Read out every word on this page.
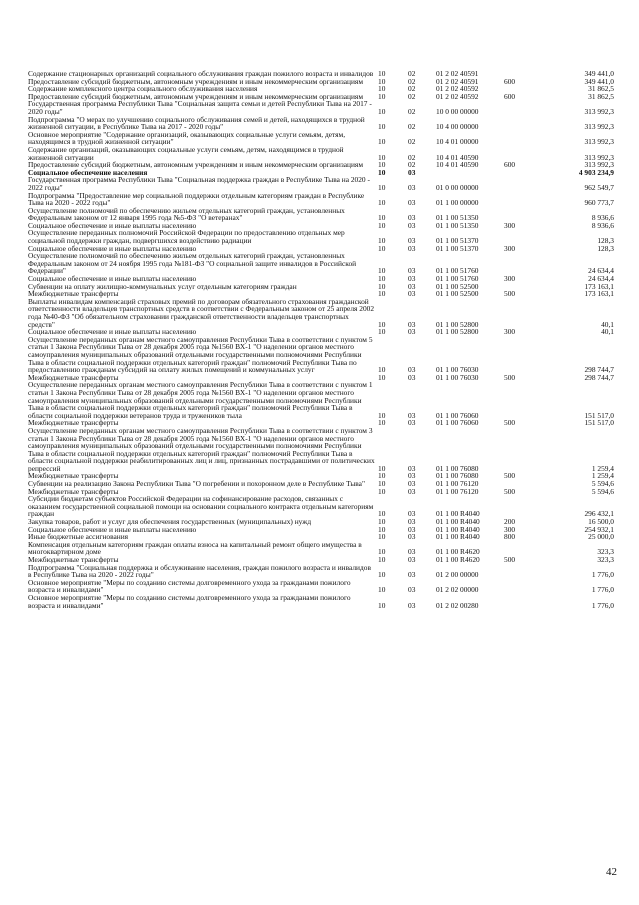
Содержание стационарных организаций социального обслуживания граждан пожилого возраста и инвалидов 10	02	01 2 02 40591	349 441,0
Предоставление субсидий бюджетным, автономным учреждениям и иным некоммерческим организациям	10	02	01 2 02 40591	600	349 441,0
Содержание комплексного центра социального обслуживания населения	10	02	01 2 02 40592	31 862,5
Предоставление субсидий бюджетным, автономным учреждениям и иным некоммерческим организациям	10	02	01 2 02 40592	600	31 862,5
Государственная программа Республики Тыва "Социальная защита семьи и детей Республики Тыва на 2017 - 2020 годы"	10	02	10 0 00 00000	313 992,3
Подпрограмма "О мерах по улучшению социального обслуживания семей и детей, находящихся в трудной жизненной ситуации, в Республике Тыва на 2017 - 2020 годы"	10	02	10 4 00 00000	313 992,3
Основное мероприятие "Содержание организаций, оказывающих социальные услуги семьям, детям, находящимся в трудной жизненной ситуации"	10	02	10 4 01 00000	313 992,3
Содержание организаций, оказывающих социальные услуги семьям, детям, находящимся в трудной жизненной ситуации	10	02	10 4 01 40590	313 992,3
Предоставление субсидий бюджетным, автономным учреждениям и иным некоммерческим организациям	10	02	10 4 01 40590	600	313 992,3
Социальное обеспечение населения	10	03	4 903 234,9
Государственная программа Республики Тыва "Социальная поддержка граждан в Республике Тыва на 2020 - 2022 годы"	10	03	01 0 00 00000	962 549,7
Подпрограмма "Предоставление мер социальной поддержки отдельным категориям граждан в Республике Тыва на 2020 - 2022 годы"	10	03	01 1 00 00000	960 773,7
Осуществление полномочий по обеспечению жильем отдельных категорий граждан, установленных Федеральным законом от 12 января 1995 года №5-ФЗ "О ветеранах"	10	03	01 1 00 51350	8 936,6
Социальное обеспечение и иные выплаты населению	10	03	01 1 00 51350	300	8 936,6
Осуществление переданных полномочий Российской Федерации по предоставлению отдельных мер социальной поддержки граждан, подвергшихся воздействию радиации	10	03	01 1 00 51370	128,3
Социальное обеспечение и иные выплаты населению	10	03	01 1 00 51370	300	128,3
Осуществление полномочий по обеспечению жильем отдельных категорий граждан, установленных Федеральным законом от 24 ноября 1995 года №181-ФЗ "О социальной защите инвалидов в Российской Федерации"	10	03	01 1 00 51760	24 634,4
Социальное обеспечение и иные выплаты населению	10	03	01 1 00 51760	300	24 634,4
Субвенции на оплату жилищно-коммунальных услуг отдельным категориям граждан	10	03	01 1 00 52500	173 163,1
Межбюджетные трансферты	10	03	01 1 00 52500	500	173 163,1
Выплаты инвалидам компенсаций страховых премий по договорам обязательного страхования гражданской ответственности владельцев транспортных средств в соответствии с Федеральным законом от 25 апреля 2002 года №40-ФЗ "Об обязательном страховании гражданской ответственности владельцев транспортных средств"	10	03	01 1 00 52800	40,1
Социальное обеспечение и иные выплаты населению	10	03	01 1 00 52800	300	40,1
Осуществление переданных органам местного самоуправления Республики Тыва в соответствии с пунктом 5 статьи 1 Закона Республики Тыва от 28 декабря 2005 года №1560 ВХ-1 "О наделении органов местного самоуправления муниципальных образований отдельными государственными полномочиями Республики Тыва в области социальной поддержки отдельных категорий граждан" полномочий Республики Тыва по предоставлению гражданам субсидий на оплату жилых помещений и коммунальных услуг	10	03	01 1 00 76030	298 744,7
Межбюджетные трансферты	10	03	01 1 00 76030	500	298 744,7
Осуществление переданных органам местного самоуправления Республики Тыва в соответствии с пунктом 1 статьи 1 Закона Республики Тыва от 28 декабря 2005 года №1560 ВХ-1 "О наделении органов местного самоуправления муниципальных образований отдельными государственными полномочиями Республики Тыва в области социальной поддержки отдельных категорий граждан" полномочий Республики Тыва в области социальной поддержки ветеранов труда и тружеников тыла	10	03	01 1 00 76060	151 517,0
Межбюджетные трансферты	10	03	01 1 00 76060	500	151 517,0
Осуществление переданных органам местного самоуправления Республики Тыва в соответствии с пунктом 3 статьи 1 Закона Республики Тыва от 28 декабря 2005 года №1560 ВХ-1 "О наделении органов местного самоуправления муниципальных образований отдельными государственными полномочиями Республики Тыва в области социальной поддержки отдельных категорий граждан" полномочий Республики Тыва в области социальной поддержки реабилитированных лиц и лиц, признанных пострадавшими от политических репрессий	10	03	01 1 00 76080	1 259,4
Межбюджетные трансферты	10	03	01 1 00 76080	500	1 259,4
Субвенции на реализацию Закона Республики Тыва "О погребении и похоронном деле в Республике Тыва"	10	03	01 1 00 76120	5 594,6
Межбюджетные трансферты	10	03	01 1 00 76120	500	5 594,6
Субсидии бюджетам субъектов Российской Федерации на софинансирование расходов, связанных с оказанием государственной социальной помощи на основании социального контракта отдельным категориям граждан	10	03	01 1 00 R4040	296 432,1
Закупка товаров, работ и услуг для обеспечения государственных (муниципальных) нужд	10	03	01 1 00 R4040	200	16 500,0
Социальное обеспечение и иные выплаты населению	10	03	01 1 00 R4040	300	254 932,1
Иные бюджетные ассигнования	10	03	01 1 00 R4040	800	25 000,0
Компенсация отдельным категориям граждан оплаты взноса на капитальный ремонт общего имущества в многоквартирном доме	10	03	01 1 00 R4620	323,3
Межбюджетные трансферты	10	03	01 1 00 R4620	500	323,3
Подпрограмма "Социальная поддержка и обслуживание населения, граждан пожилого возраста и инвалидов в Республике Тыва на 2020 - 2022 годы"	10	03	01 2 00 00000	1 776,0
Основное мероприятие "Меры по созданию системы долговременного ухода за гражданами пожилого возраста и инвалидами"	10	03	01 2 02 00000	1 776,0
Основное мероприятие "Меры по созданию системы долговременного ухода за гражданами пожилого возраста и инвалидами"	10	03	01 2 02 00280	1 776,0
42
